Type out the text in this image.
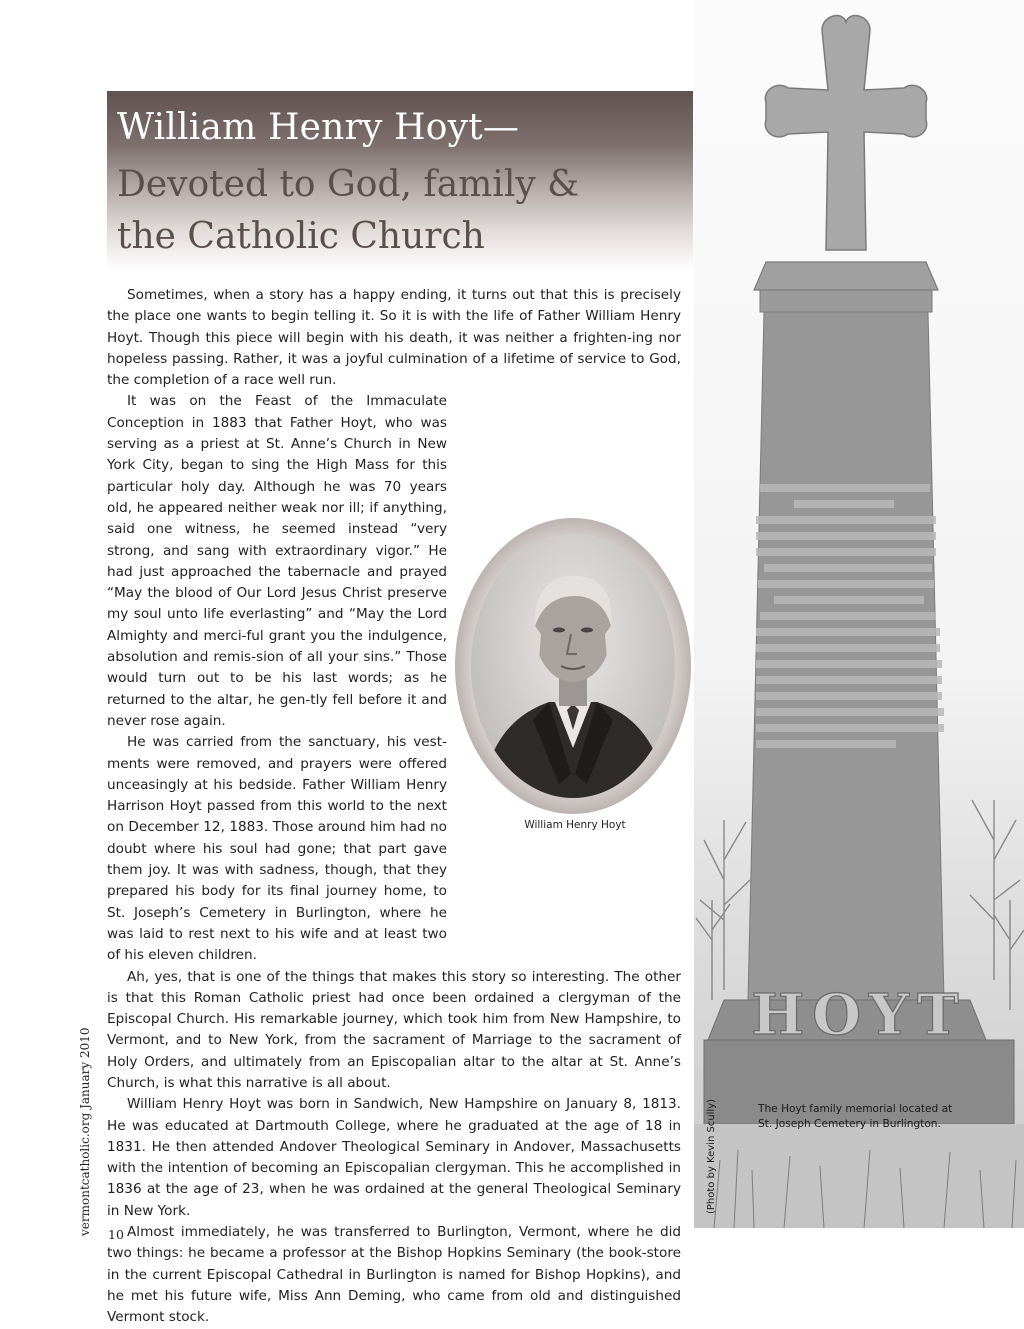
William Henry Hoyt—
Devoted to God, family &
the Catholic Church

Sometimes, when a story has a happy ending, it turns out that this is precisely the place one wants to begin telling it. So it is with the life of Father William Henry Hoyt. Though this piece will begin with his death, it was neither a frighten-ing nor hopeless passing. Rather, it was a joyful culmination of a lifetime of service to God, the completion of a race well run.

It was on the Feast of the Immaculate Conception in 1883 that Father Hoyt, who was serving as a priest at St. Anne’s Church in New York City, began to sing the High Mass for this particular holy day. Although he was 70 years old, he appeared neither weak nor ill; if anything, said one witness, he seemed instead “very strong, and sang with extraordinary vigor.” He had just approached the tabernacle and prayed “May the blood of Our Lord Jesus Christ preserve my soul unto life everlasting” and “May the Lord Almighty and merci-ful grant you the indulgence, absolution and remis-sion of all your sins.” Those would turn out to be his last words; as he returned to the altar, he gen-tly fell before it and never rose again.

He was carried from the sanctuary, his vest-ments were removed, and prayers were offered unceasingly at his bedside. Father William Henry Harrison Hoyt passed from this world to the next on December 12, 1883. Those around him had no doubt where his soul had gone; that part gave them joy. It was with sadness, though, that they prepared his body for its final journey home, to St. Joseph’s Cemetery in Burlington, where he was laid to rest next to his wife and at least two of his eleven children.

Ah, yes, that is one of the things that makes this story so interesting. The other is that this Roman Catholic priest had once been ordained a clergyman of the Episcopal Church. His remarkable journey, which took him from New Hampshire, to Vermont, and to New York, from the sacrament of Marriage to the sacrament of Holy Orders, and ultimately from an Episcopalian altar to the altar at St. Anne’s Church, is what this narrative is all about.

William Henry Hoyt was born in Sandwich, New Hampshire on January 8, 1813. He was educated at Dartmouth College, where he graduated at the age of 18 in 1831. He then attended Andover Theological Seminary in Andover, Massachusetts with the intention of becoming an Episcopalian clergyman. This he accomplished in 1836 at the age of 23, when he was ordained at the general Theological Seminary in New York.

Almost immediately, he was transferred to Burlington, Vermont, where he did two things: he became a professor at the Bishop Hopkins Seminary (the book-store in the current Episcopal Cathedral in Burlington is named for Bishop Hopkins), and he met his future wife, Miss Ann Deming, who came from old and distinguished Vermont stock.

William Henry Hoyt

HOYT

The Hoyt family memorial located at St. Joseph Cemetery in Burlington.

(Photo by Kevin Scully)

vermontcatholic.org January 2010 10
